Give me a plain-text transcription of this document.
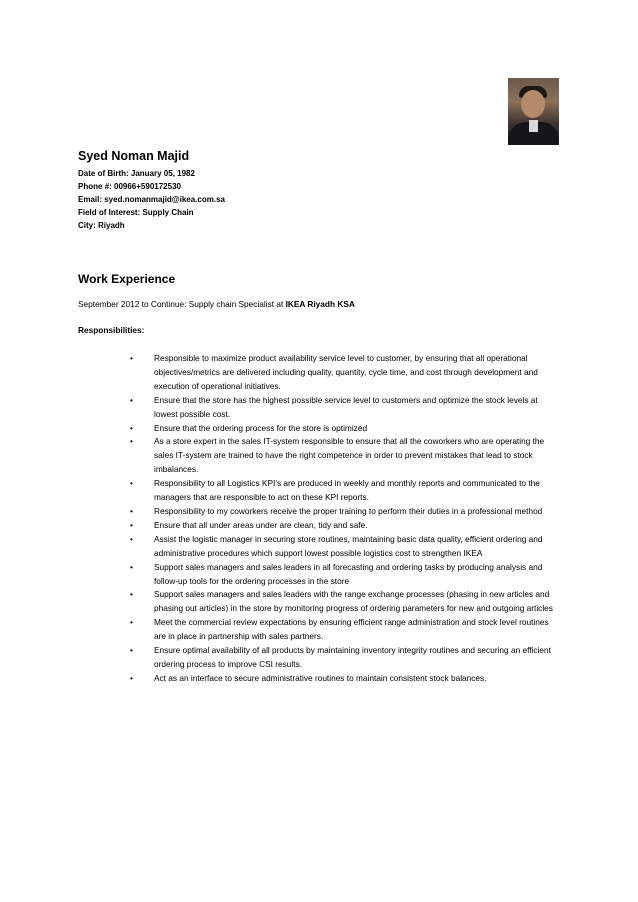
Syed Noman Majid
Date of Birth: January 05, 1982
Phone #: 00966+590172530
Email: syed.nomanmajid@ikea.com.sa
Field of Interest: Supply Chain
City: Riyadh
Work Experience
September 2012 to Continue: Supply chain Specialist at IKEA Riyadh KSA
Responsibilities:
•	Responsible to maximize product availability service level to customer, by ensuring that all operational objectives/metrics are delivered including quality, quantity, cycle time, and cost through development and execution of operational initiatives.
•	Ensure that the store has the highest possible service level to customers and optimize the stock levels at lowest possible cost.
•	Ensure that the ordering process for the store is optimized
•	As a store expert in the sales IT-system responsible to ensure that all the coworkers who are operating the sales IT-system are trained to have the right competence in order to prevent mistakes that lead to stock imbalances.
•	Responsibility to all Logistics KPI’s are produced in weekly and monthly reports and communicated to the managers that are responsible to act on these KPI reports.
•	Responsibility to my coworkers receive the proper training to perform their duties in a professional method
•	Ensure that all under areas under are clean, tidy and safe.
•	Assist the logistic manager in securing store routines, maintaining basic data quality, efficient ordering and administrative procedures which support lowest possible logistics cost to strengthen IKEA
•	Support sales managers and sales leaders in all forecasting and ordering tasks by producing analysis and follow-up tools for the ordering processes in the store
•	Support sales managers and sales leaders with the range exchange processes (phasing in new articles and phasing out articles) in the store by monitoring progress of ordering parameters for new and outgoing articles
•	Meet the commercial review expectations by ensuring efficient range administration and stock level routines are in place in partnership with sales partners.
•	Ensure optimal availability of all products by maintaining inventory integrity routines and securing an efficient ordering process to improve CSI results.
•	Act as an interface to secure administrative routines to maintain consistent stock balances.
